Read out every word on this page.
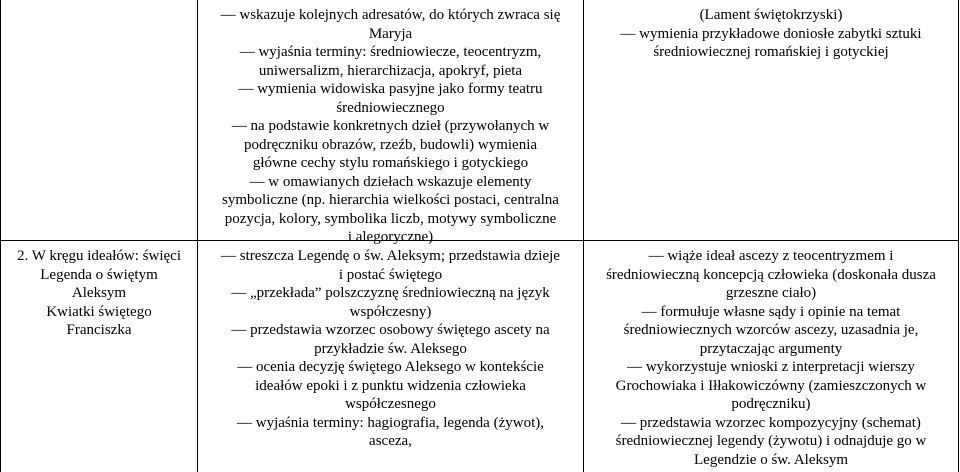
— wskazuje kolejnych adresatów, do których zwraca się
Maryja
— wyjaśnia terminy: średniowiecze, teocentryzm,
uniwersalizm, hierarchizacja, apokryf, pieta
— wymienia widowiska pasyjne jako formy teatru
średniowiecznego
— na podstawie konkretnych dzieł (przywołanych w
podręczniku obrazów, rzeźb, budowli) wymienia
główne cechy stylu romańskiego i gotyckiego
— w omawianych dziełach wskazuje elementy
symboliczne (np. hierarchia wielkości postaci, centralna
pozycja, kolory, symbolika liczb, motywy symboliczne
i alegoryczne)
(Lament świętokrzyski)
— wymienia przykładowe doniosłe zabytki sztuki
średniowiecznej romańskiej i gotyckiej
2. W kręgu ideałów: święci
Legenda o świętym
Aleksym
Kwiatki świętego
Franciszka
— streszcza Legendę o św. Aleksym; przedstawia dzieje
i postać świętego
— „przekłada” polszczyznę średniowieczną na język
współczesny)
— przedstawia wzorzec osobowy świętego ascety na
przykładzie św. Aleksego
— ocenia decyzję świętego Aleksego w kontekście
ideałów epoki i z punktu widzenia człowieka
współczesnego
— wyjaśnia terminy: hagiografia, legenda (żywot),
asceza,
— wiąże ideał ascezy z teocentryzmem i
średniowieczną koncepcją człowieka (doskonała dusza
grzeszne ciało)
— formułuje własne sądy i opinie na temat
średniowiecznych wzorców ascezy, uzasadnia je,
przytaczając argumenty
— wykorzystuje wnioski z interpretacji wierszy
Grochowiaka i Iłłakowiczówny (zamieszczonych w
podręczniku)
— przedstawia wzorzec kompozycyjny (schemat)
średniowiecznej legendy (żywotu) i odnajduje go w
Legendzie o św. Aleksym
